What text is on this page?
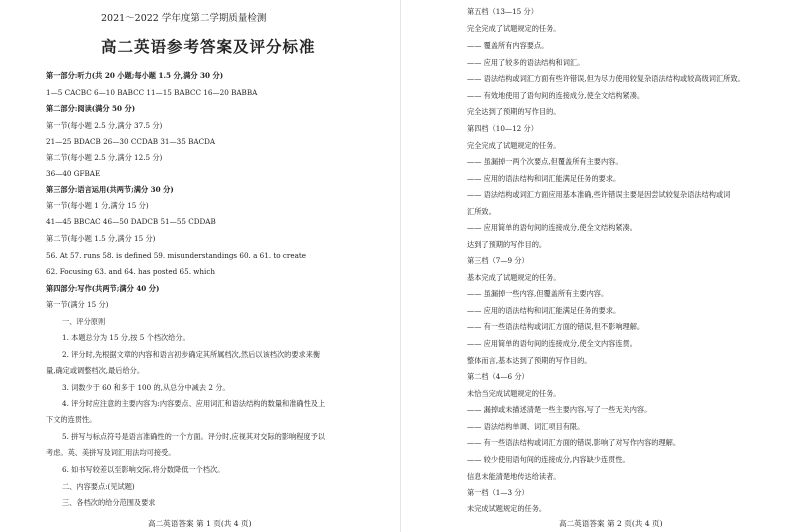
2021～2022 学年度第二学期质量检测
高二英语参考答案及评分标准
第一部分:听力(共 20 小题;每小题 1.5 分,满分 30 分)
1—5 CACBC 6—10 BABCC 11—15 BABCC 16—20 BABBA
第二部分:阅读(满分 50 分)
第一节(每小题 2.5 分,满分 37.5 分)
21—25 BDACB 26—30 CCDAB 31—35 BACDA
第二节(每小题 2.5 分,满分 12.5 分)
36—40 GFBAE
第三部分:语言运用(共两节;满分 30 分)
第一节(每小题 1 分,满分 15 分)
41—45 BBCAC 46—50 DADCB 51—55 CDDAB
第二节(每小题 1.5 分,满分 15 分)
56. At 57. runs 58. is defined 59. misunderstandings 60. a 61. to create
62. Focusing 63. and 64. has posted 65. which
第四部分:写作(共两节;满分 40 分)
第一节(满分 15 分)
一、评分原则
1. 本题总分为 15 分,按 5 个档次给分。
2. 评分时,先根据文章的内容和语言初步确定其所属档次,然后以该档次的要求来衡
量,确定或调整档次,最后给分。
3. 词数少于 60 和多于 100 的,从总分中减去 2 分。
4. 评分时应注意的主要内容为:内容要点、应用词汇和语法结构的数量和准确性及上
下文的连贯性。
5. 拼写与标点符号是语言准确性的一个方面。评分时,应视其对交际的影响程度予以
考虑。英、美拼写及词汇用法均可接受。
6. 如书写较差以至影响交际,将分数降低一个档次。
二、内容要点:(见试题)
三、各档次的给分范围及要求
高二英语答案 第 1 页(共 4 页)
第五档（13—15 分）
完全完成了试题规定的任务。
—— 覆盖所有内容要点。
—— 应用了较多的语法结构和词汇。
—— 语法结构或词汇方面有些许错误,但为尽力使用较复杂语法结构或较高级词汇所致。
—— 有效地使用了语句间的连接成分,使全文结构紧凑。
完全达到了预期的写作目的。
第四档（10—12 分）
完全完成了试题规定的任务。
—— 虽漏掉一两个次要点,但覆盖所有主要内容。
—— 应用的语法结构和词汇能满足任务的要求。
—— 语法结构或词汇方面应用基本准确,些许错误主要是因尝试较复杂语法结构或词
汇所致。
—— 应用简单的语句间的连接成分,使全文结构紧凑。
达到了预期的写作目的。
第三档（7—9 分）
基本完成了试题规定的任务。
—— 虽漏掉一些内容,但覆盖所有主要内容。
—— 应用的语法结构和词汇能满足任务的要求。
—— 有一些语法结构或词汇方面的错误,但不影响理解。
—— 应用简单的语句间的连接成分,使全文内容连贯。
整体而言,基本达到了预期的写作目的。
第二档（4—6 分）
未恰当完成试题规定的任务。
—— 漏掉或未描述清楚一些主要内容,写了一些无关内容。
—— 语法结构单调、词汇项目有限。
—— 有一些语法结构或词汇方面的错误,影响了对写作内容的理解。
—— 较少使用语句间的连接成分,内容缺少连贯性。
信息未能清楚地传达给读者。
第一档（1—3 分）
未完成试题规定的任务。
高二英语答案 第 2 页(共 4 页)
